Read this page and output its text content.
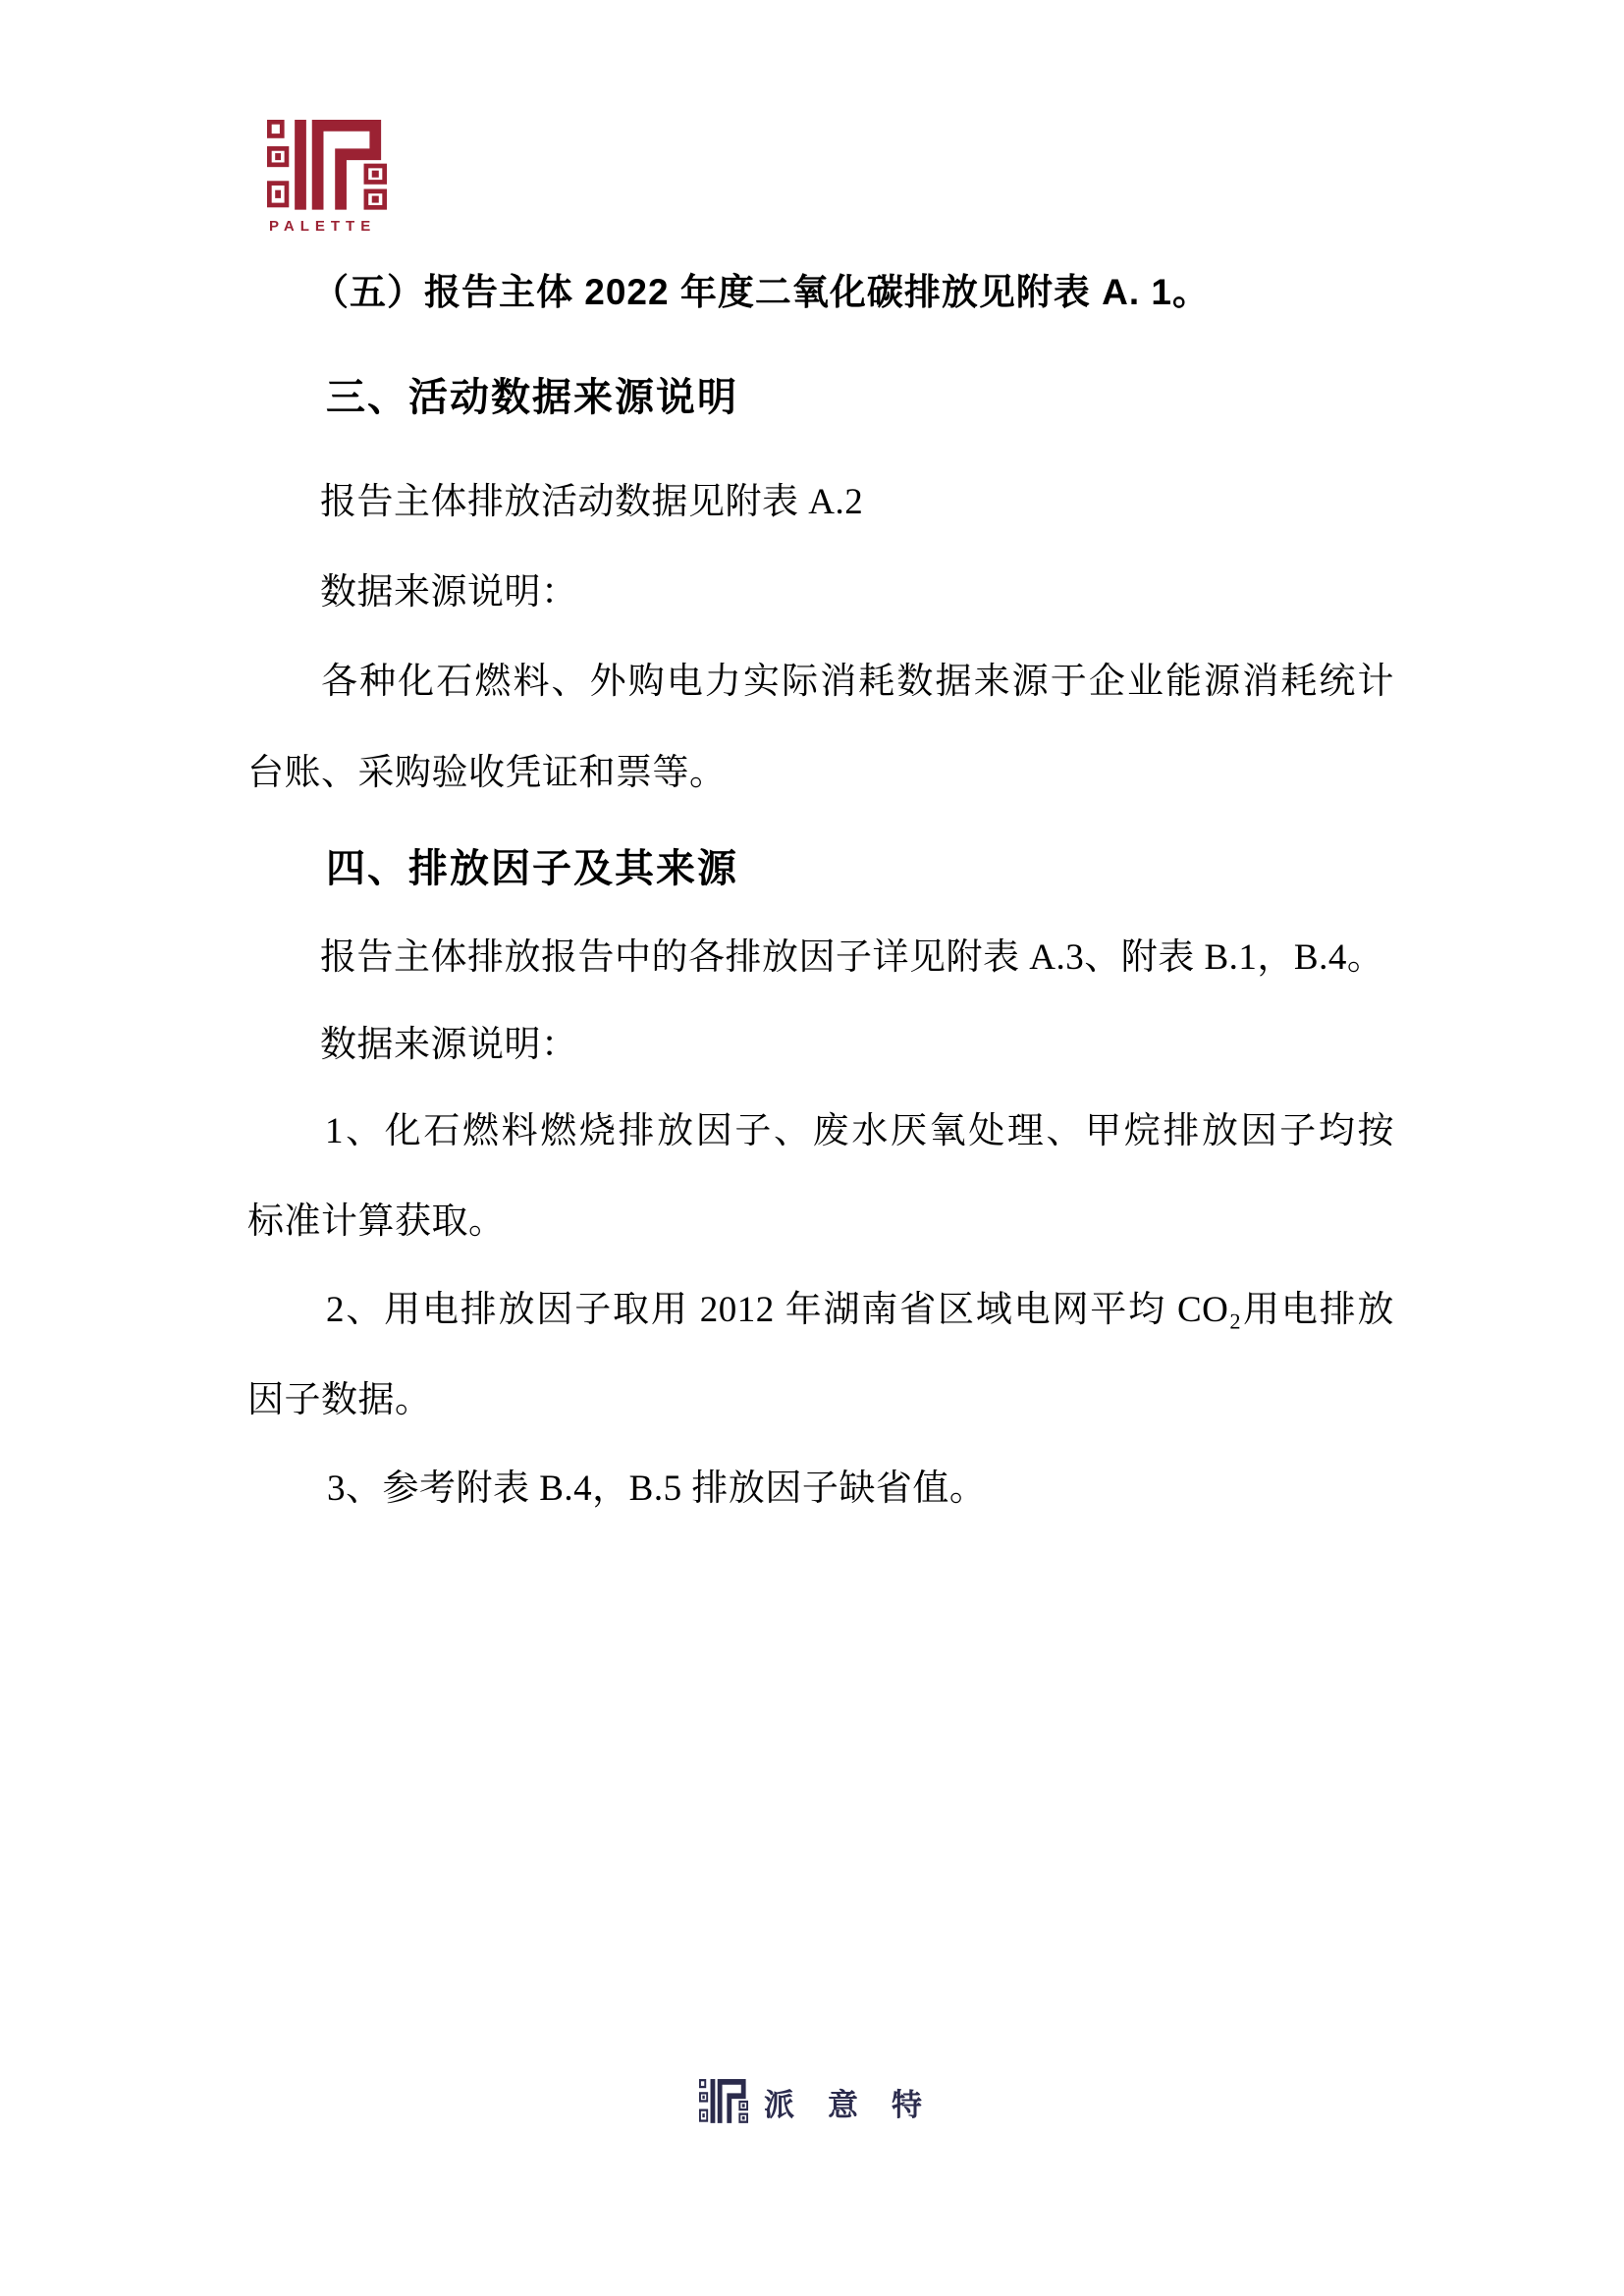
PALETTE
（五）报告主体 2022 年度二氧化碳排放见附表 A. 1。
三、活动数据来源说明
报告主体排放活动数据见附表 A.2
数据来源说明：
各种化石燃料、外购电力实际消耗数据来源于企业能源消耗统计
台账、采购验收凭证和票等。
四、排放因子及其来源
报告主体排放报告中的各排放因子详见附表 A.3、附表 B.1，B.4。
数据来源说明：
1、化石燃料燃烧排放因子、废水厌氧处理、甲烷排放因子均按
标准计算获取。
2、用电排放因子取用 2012 年湖南省区域电网平均 CO₂用电排放
因子数据。
3、参考附表 B.4，B.5 排放因子缺省值。
派意特
